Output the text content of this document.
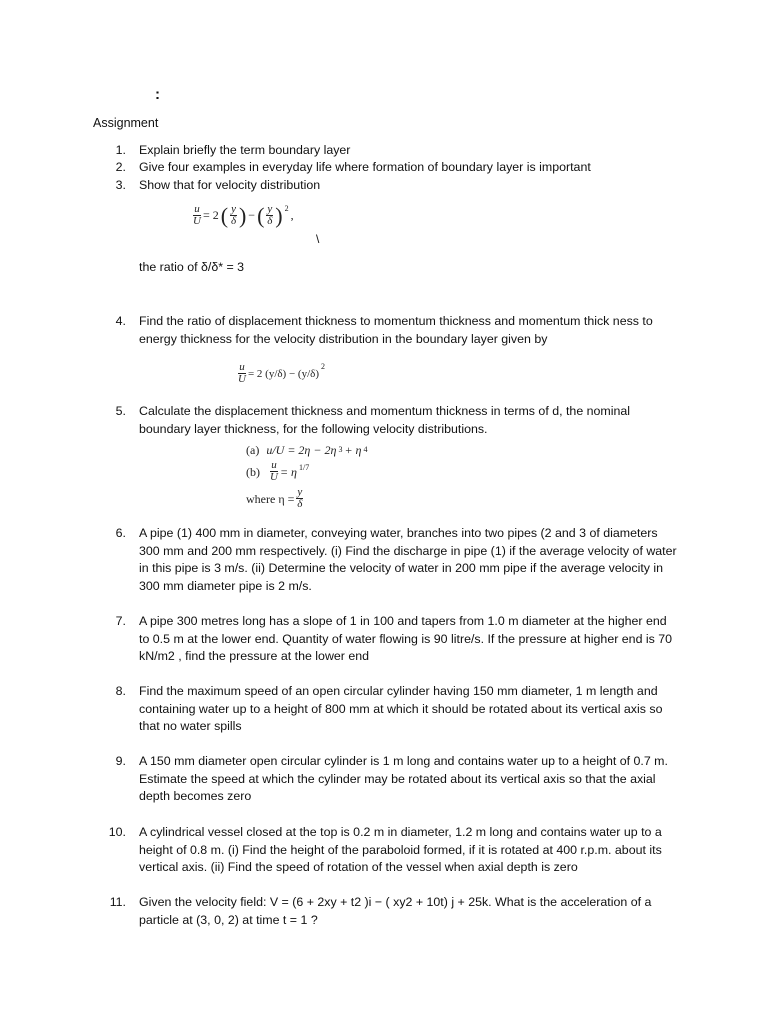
:
Assignment
1. Explain briefly the term boundary layer
2. Give four examples in everyday life where formation of boundary layer is important
3. Show that for velocity distribution
$\frac{u}{U} = 2$ ( $\frac{y}{\delta}$ ) − ( $\frac{y}{\delta}$ ) $^2$ ,
\
the ratio of δ/δ* = 3
4. Find the ratio of displacement thickness to momentum thickness and momentum thick ness to energy thickness for the velocity distribution in the boundary layer given by
$\frac{u}{U} = 2$ (y/δ) − (y/δ)
$^2$
5. Calculate the displacement thickness and momentum thickness in terms of d, the nominal boundary layer thickness, for the following velocity distributions.
(a)
u/U = 2η − 2η 3 + η 4
(b)
$\frac{u}{U} = \eta$ $^{1/7}$
where $\eta = \frac{y}{\delta}$
6. A pipe (1) 400 mm in diameter, conveying water, branches into two pipes (2 and 3 of diameters 300 mm and 200 mm respectively. (i) Find the discharge in pipe (1) if the average velocity of water in this pipe is 3 m/s. (ii) Determine the velocity of water in 200 mm pipe if the average velocity in 300 mm diameter pipe is 2 m/s.
7. A pipe 300 metres long has a slope of 1 in 100 and tapers from 1.0 m diameter at the higher end to 0.5 m at the lower end. Quantity of water flowing is 90 litre/s. If the pressure at higher end is 70 kN/m2 , find the pressure at the lower end
8. Find the maximum speed of an open circular cylinder having 150 mm diameter, 1 m length and containing water up to a height of 800 mm at which it should be rotated about its vertical axis so that no water spills
9. A 150 mm diameter open circular cylinder is 1 m long and contains water up to a height of 0.7 m. Estimate the speed at which the cylinder may be rotated about its vertical axis so that the axial depth becomes zero
10. A cylindrical vessel closed at the top is 0.2 m in diameter, 1.2 m long and contains water up to a height of 0.8 m. (i) Find the height of the paraboloid formed, if it is rotated at 400 r.p.m. about its vertical axis. (ii) Find the speed of rotation of the vessel when axial depth is zero
11. Given the velocity field: V = (6 + 2xy + t2 )i − ( xy2 + 10t) j + 25k. What is the acceleration of a particle at (3, 0, 2) at time t = 1 ?
